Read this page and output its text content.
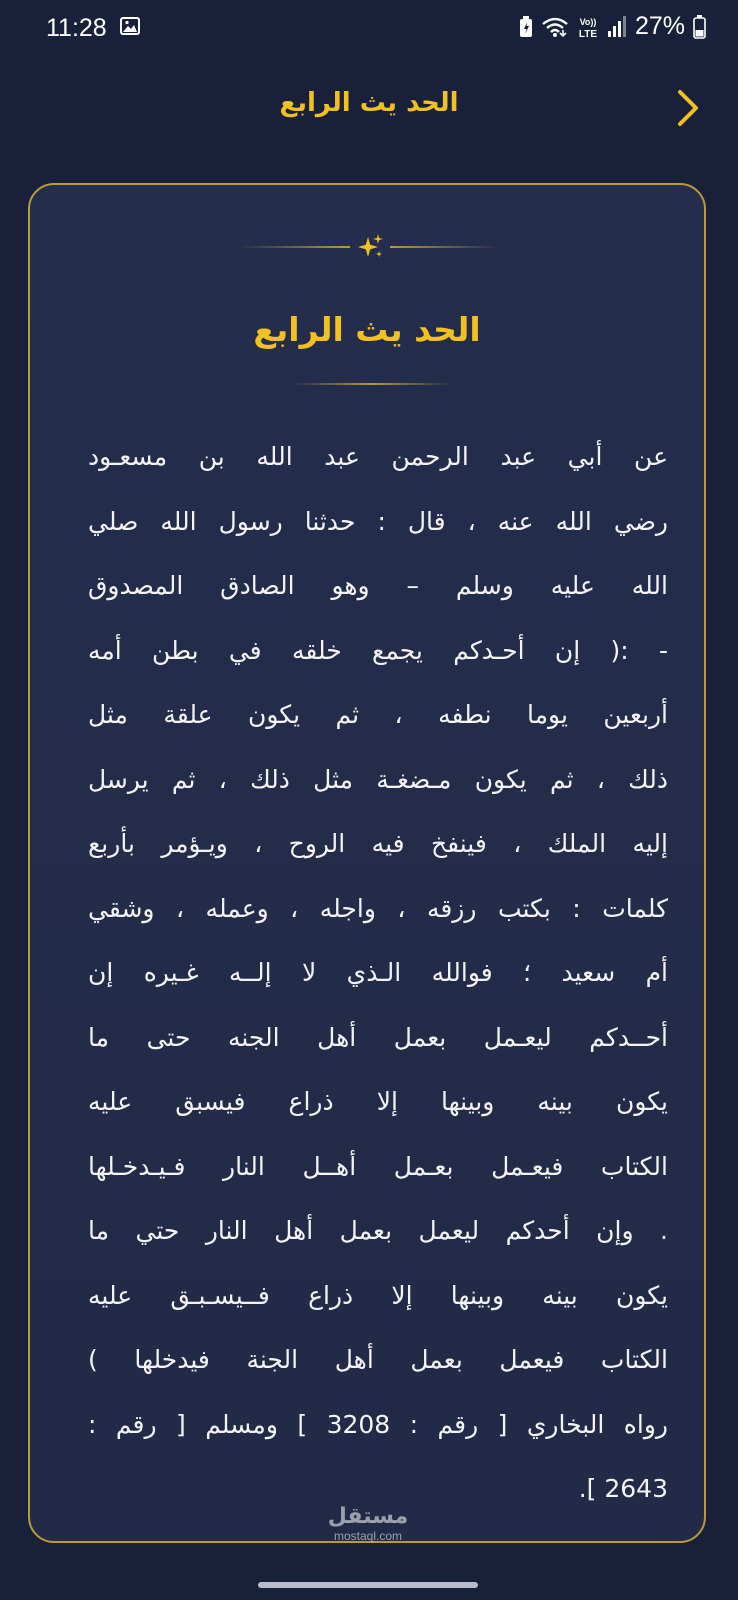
11:28	Vo))
LTE 27%
الحد يث الرابع
الحد يث الرابع
عن أبي عبد الرحمن عبد الله بن مسعـود
رضي الله عنه ، قال : حدثنا رسول الله صلي
الله عليه وسلم – وهو الصادق المصدوق
- :( إن أحـدكم يجمع خلقه في بطن أمه
أربعين يوما نطفه ، ثم يكون علقة مثل
ذلك ، ثم يكون مـضغـة مثل ذلك ، ثم يرسل
إليه الملك ، فينفخ فيه الروح ، ويـؤمر بأربع
كلمات : بكتب رزقه ، واجله ، وعمله ، وشقي
أم سعيد ؛ فوالله الـذي لا إلــه غـيره إن
أحــدكم ليعـمل بعمل أهل الجنه حتى ما
يكون بينه وبينها إلا ذراع فيسبق عليه
الكتاب فيعـمل بعـمل أهــل النار فـيـدخـلها
. وإن أحدكم ليعمل بعمل أهل النار حتي ما
يكون بينه وبينها إلا ذراع فــيسـبـق عليه
الكتاب فيعمل بعمل أهل الجنة فيدخلها )
رواه البخاري [ رقم : 3208 ] ومسلم [ رقم :
2643 ].
مستقل
mostaql.com
